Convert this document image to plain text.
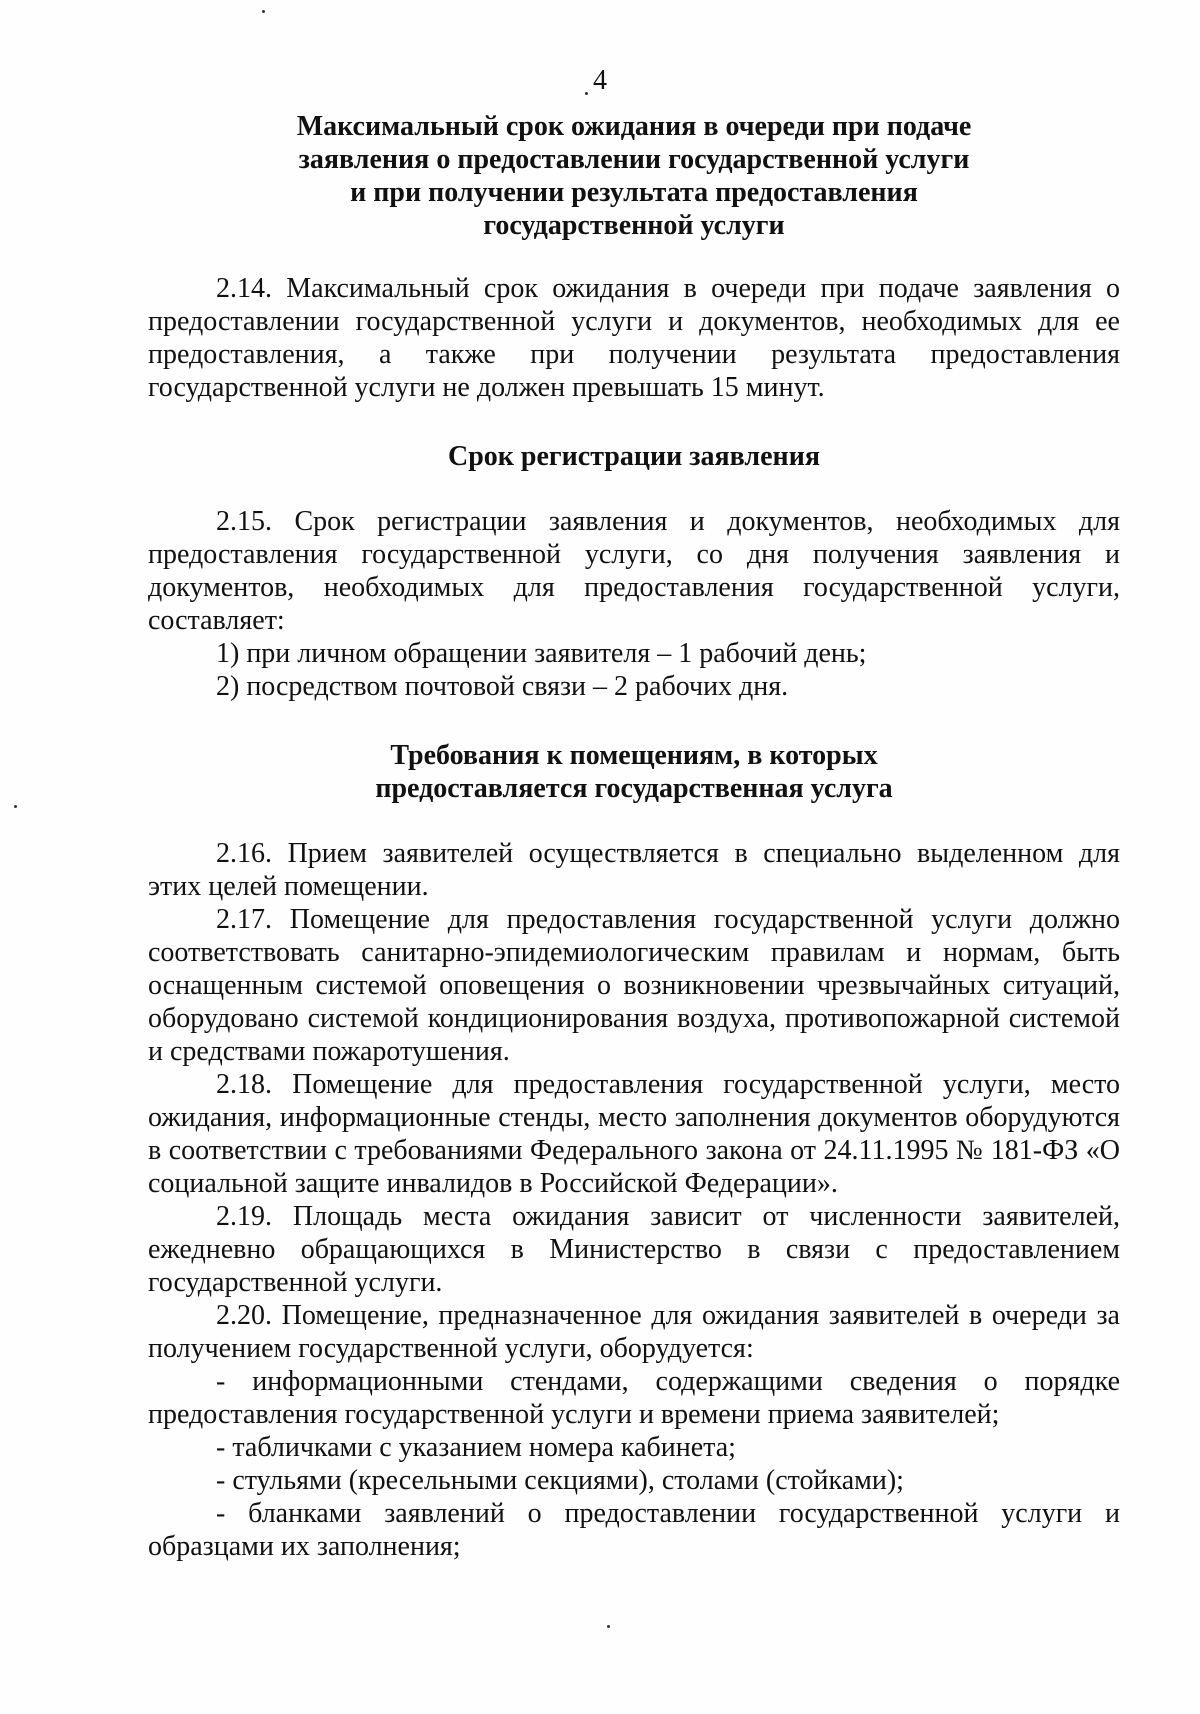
4
Максимальный срок ожидания в очереди при подаче
заявления о предоставлении государственной услуги
и при получении результата предоставления
государственной услуги

2.14. Максимальный срок ожидания в очереди при подаче заявления о предоставлении государственной услуги и документов, необходимых для ее предоставления, а также при получении результата предоставления государственной услуги не должен превышать 15 минут.

Срок регистрации заявления

2.15. Срок регистрации заявления и документов, необходимых для предоставления государственной услуги, со дня получения заявления и документов, необходимых для предоставления государственной услуги, составляет:

1) при личном обращении заявителя – 1 рабочий день;

2) посредством почтовой связи – 2 рабочих дня.

Требования к помещениям, в которых
предоставляется государственная услуга

2.16. Прием заявителей осуществляется в специально выделенном для этих целей помещении.

2.17. Помещение для предоставления государственной услуги должно соответствовать санитарно-эпидемиологическим правилам и нормам, быть оснащенным системой оповещения о возникновении чрезвычайных ситуаций, оборудовано системой кондиционирования воздуха, противопожарной системой и средствами пожаротушения.

2.18. Помещение для предоставления государственной услуги, место ожидания, информационные стенды, место заполнения документов оборудуются в соответствии с требованиями Федерального закона от 24.11.1995 № 181-ФЗ «О социальной защите инвалидов в Российской Федерации».

2.19. Площадь места ожидания зависит от численности заявителей, ежедневно обращающихся в Министерство в связи с предоставлением государственной услуги.

2.20. Помещение, предназначенное для ожидания заявителей в очереди за получением государственной услуги, оборудуется:

- информационными стендами, содержащими сведения о порядке предоставления государственной услуги и времени приема заявителей;

- табличками с указанием номера кабинета;

- стульями (кресельными секциями), столами (стойками);

- бланками заявлений о предоставлении государственной услуги и образцами их заполнения;
